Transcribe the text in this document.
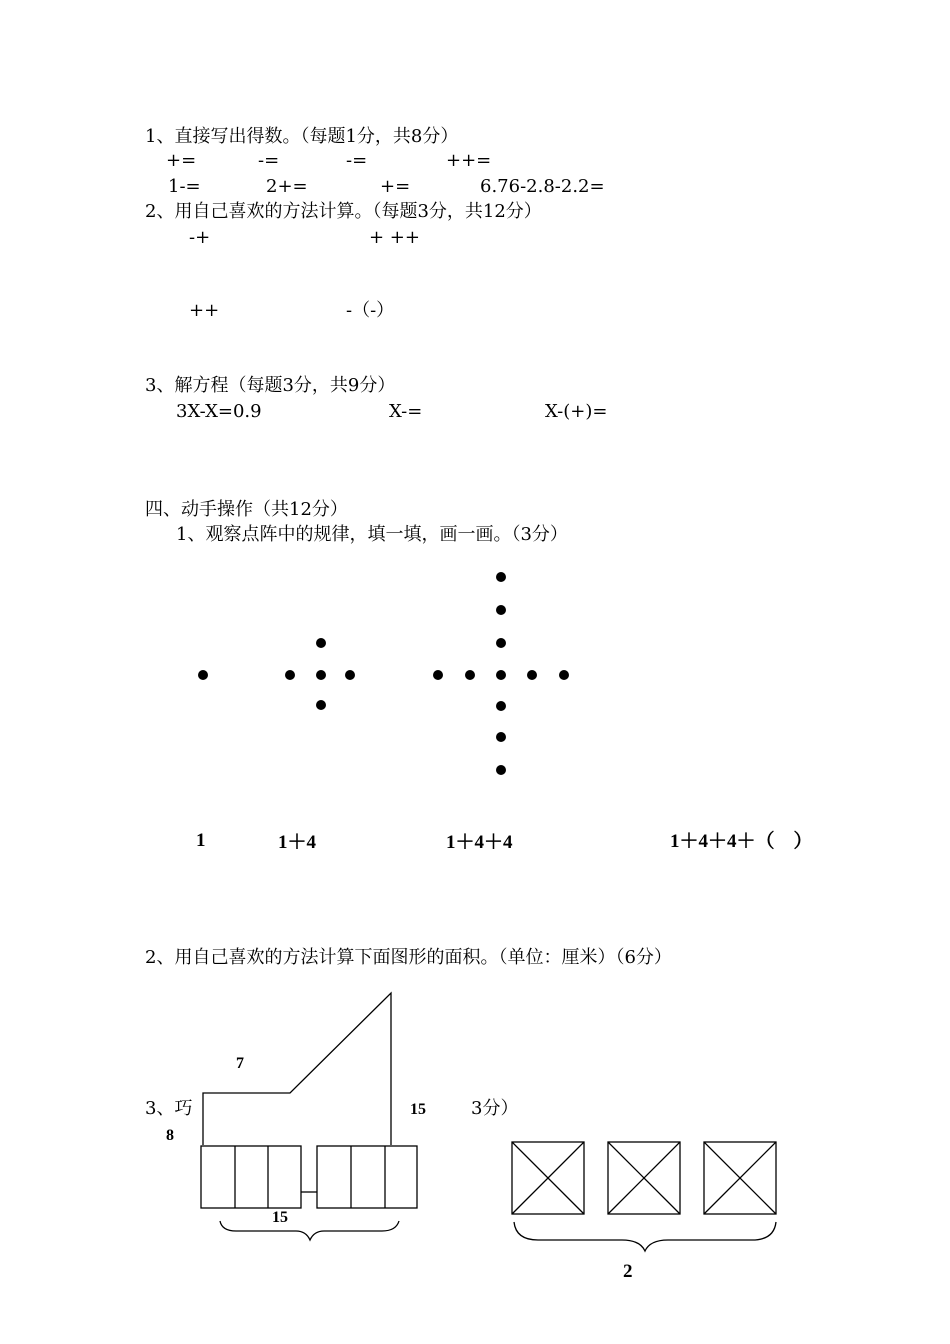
1、直接写出得数。（每题1分，共8分）
+=	-=	-=	++=
1-=	2+=	+=	6.76-2.8-2.2=
2、用自己喜欢的方法计算。（每题3分，共12分）
-+	+ ++
++	-（-）
3、解方程（每题3分，共9分）
3X-X=0.9	X-=	X-(+)=
四、动手操作（共12分）
1、观察点阵中的规律，填一填，画一画。（3分）
1	1＋4	1＋4＋4	1＋4＋4＋（　）
2、用自己喜欢的方法计算下面图形的面积。（单位：厘米）（6分）
7
8
15
3、巧	3分）
15
2
